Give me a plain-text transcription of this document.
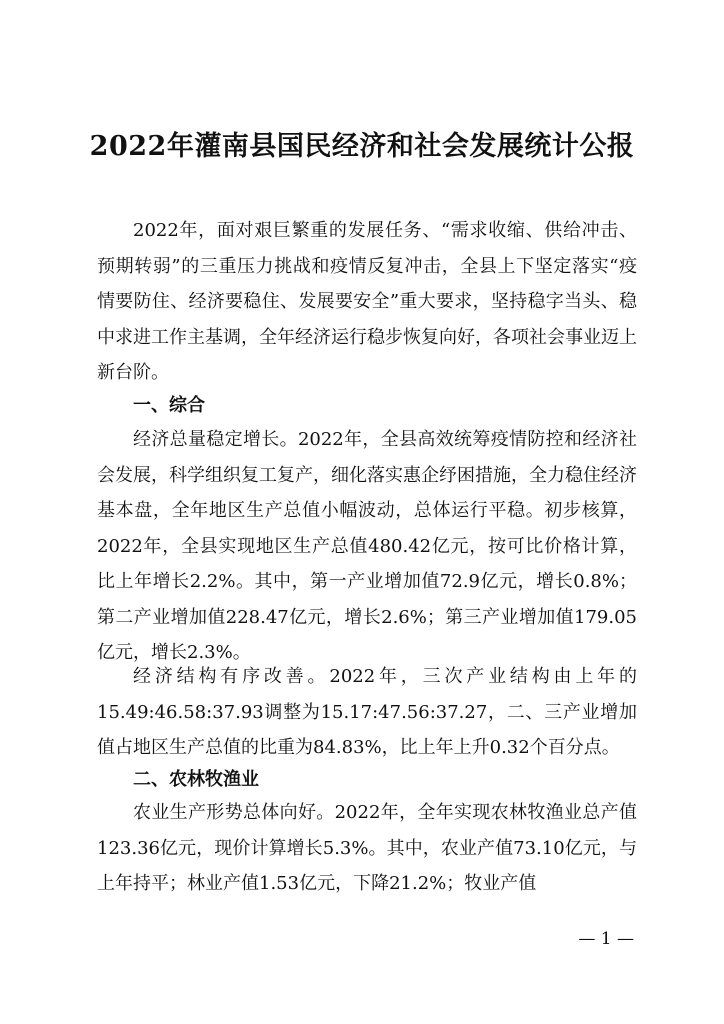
2022年灌南县国民经济和社会发展统计公报
2022年，面对艰巨繁重的发展任务、“需求收缩、供给冲击、预期转弱”的三重压力挑战和疫情反复冲击，全县上下坚定落实“疫情要防住、经济要稳住、发展要安全”重大要求，坚持稳字当头、稳中求进工作主基调，全年经济运行稳步恢复向好，各项社会事业迈上新台阶。
一、综合
经济总量稳定增长。2022年，全县高效统筹疫情防控和经济社会发展，科学组织复工复产，细化落实惠企纾困措施，全力稳住经济基本盘，全年地区生产总值小幅波动，总体运行平稳。初步核算，2022年，全县实现地区生产总值480.42亿元，按可比价格计算，比上年增长2.2%。其中，第一产业增加值72.9亿元，增长0.8%；第二产业增加值228.47亿元，增长2.6%；第三产业增加值179.05亿元，增长2.3%。
经济结构有序改善。2022年，三次产业结构由上年的15.49:46.58:37.93调整为15.17:47.56:37.27，二、三产业增加值占地区生产总值的比重为84.83%，比上年上升0.32个百分点。
二、农林牧渔业
农业生产形势总体向好。2022年，全年实现农林牧渔业总产值123.36亿元，现价计算增长5.3%。其中，农业产值73.10亿元，与上年持平；林业产值1.53亿元，下降21.2%；牧业产值
— 1 —
